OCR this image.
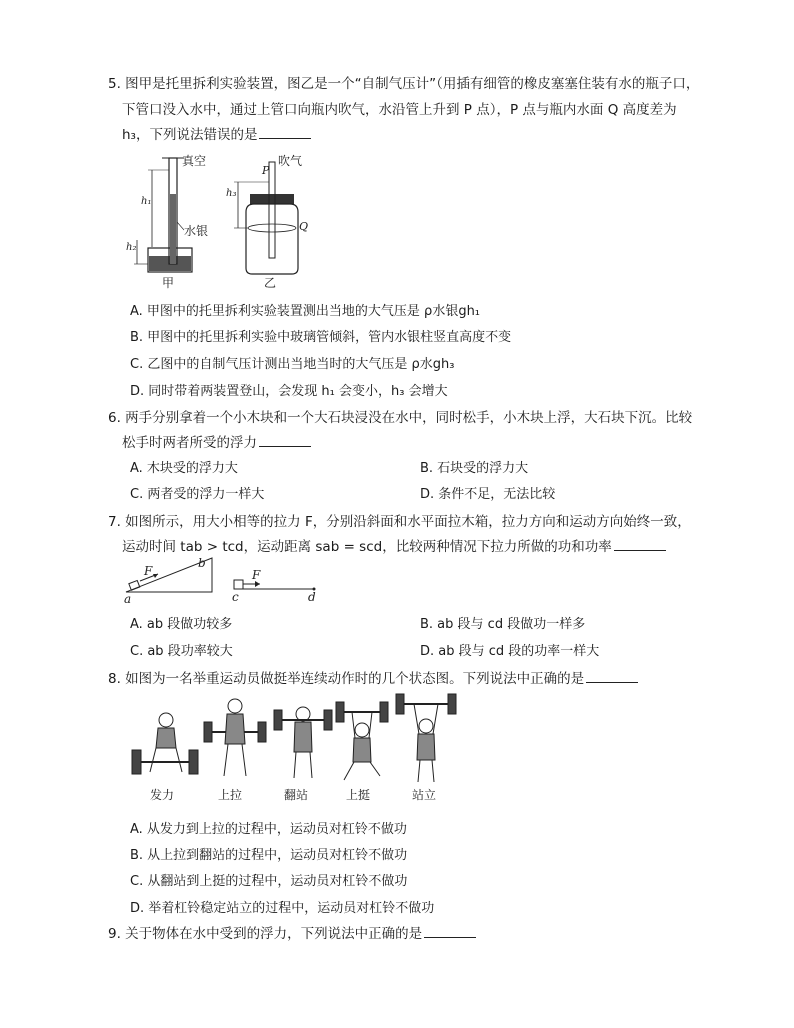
5. 图甲是托里拆利实验装置，图乙是一个“自制气压计”（用插有细管的橡皮塞塞住装有水的瓶子口，
下管口没入水中，通过上管口向瓶内吹气，水沿管上升到 P 点），P 点与瓶内水面 Q 高度差为
h₃，下列说法错误的是
真空
水银
甲	乙
吹气
h₁
h₂
h₃
P
Q
A. 甲图中的托里拆利实验装置测出当地的大气压是 ρ水银gh₁
B. 甲图中的托里拆利实验中玻璃管倾斜，管内水银柱竖直高度不变
C. 乙图中的自制气压计测出当地当时的大气压是 ρ水gh₃
D. 同时带着两装置登山，会发现 h₁ 会变小，h₃ 会增大
6. 两手分别拿着一个小木块和一个大石块浸没在水中，同时松手，小木块上浮，大石块下沉。比较
松手时两者所受的浮力
A. 木块受的浮力大	B. 石块受的浮力大
C. 两者受的浮力一样大	D. 条件不足，无法比较
7. 如图所示，用大小相等的拉力 F，分别沿斜面和水平面拉木箱，拉力方向和运动方向始终一致，
运动时间 tab > tcd，运动距离 sab = scd，比较两种情况下拉力所做的功和功率
F
a
b
F
c	d
A. ab 段做功较多	B. ab 段与 cd 段做功一样多
C. ab 段功率较大	D. ab 段与 cd 段的功率一样大
8. 如图为一名举重运动员做挺举连续动作时的几个状态图。下列说法中正确的是
发力	上拉	翻站	上挺	站立
A. 从发力到上拉的过程中，运动员对杠铃不做功
B. 从上拉到翻站的过程中，运动员对杠铃不做功
C. 从翻站到上挺的过程中，运动员对杠铃不做功
D. 举着杠铃稳定站立的过程中，运动员对杠铃不做功
9. 关于物体在水中受到的浮力，下列说法中正确的是
